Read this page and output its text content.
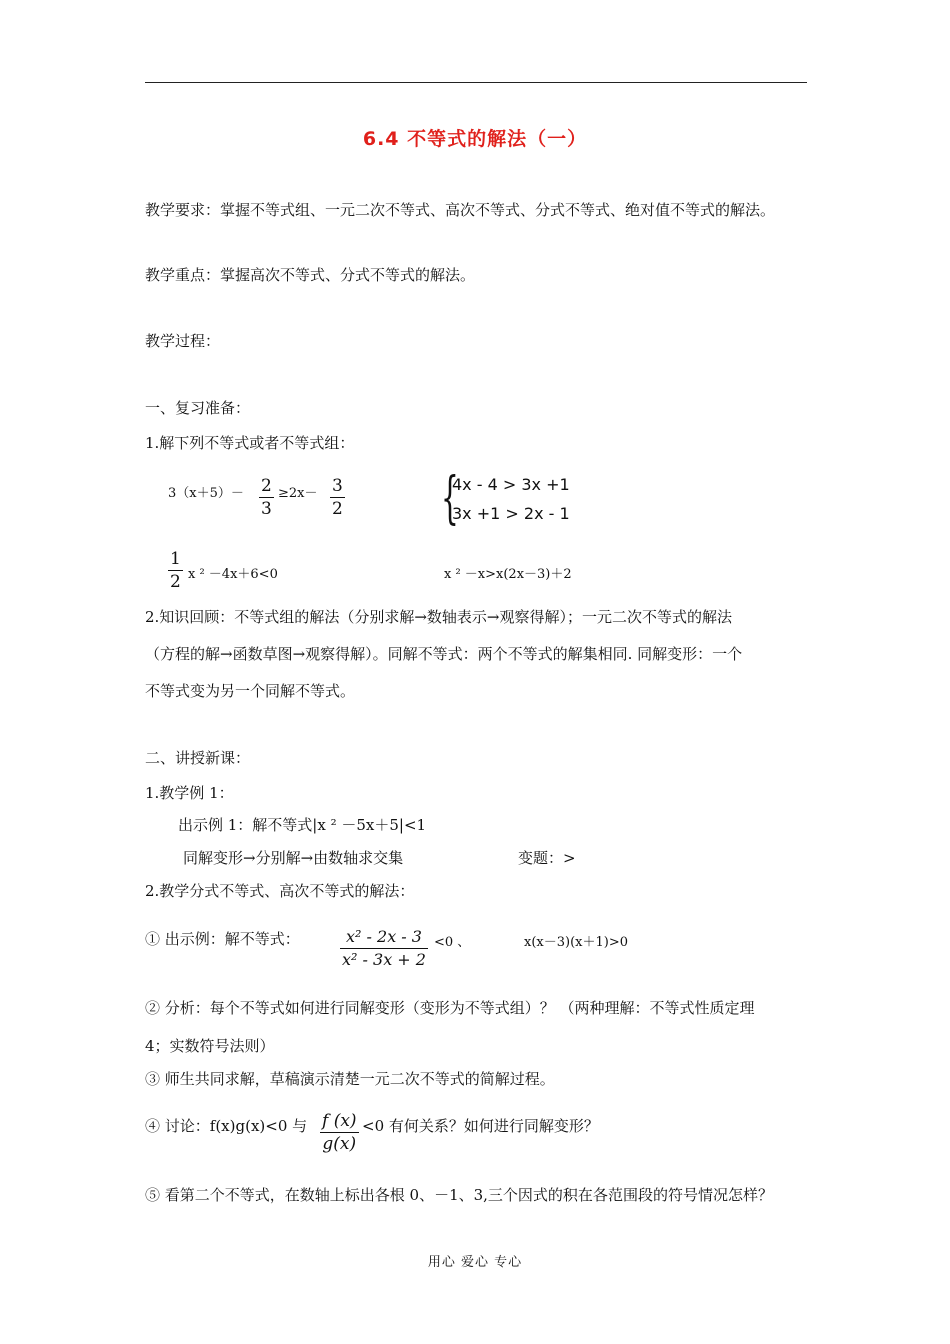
6.4 不等式的解法（一）
教学要求：掌握不等式组、一元二次不等式、高次不等式、分式不等式、绝对值不等式的解法。
教学重点：掌握高次不等式、分式不等式的解法。
教学过程：
一、复习准备：
1.解下列不等式或者不等式组：
3（x＋5）－ 2
3
≥2x－ 3
2 {
4x - 4 > 3x +1
3x +1 > 2x - 1
1
2 x ² －4x＋6<0	x ² －x>x(2x－3)＋2
2.知识回顾：不等式组的解法（分别求解→数轴表示→观察得解）；一元二次不等式的解法
（方程的解→函数草图→观察得解）。同解不等式：两个不等式的解集相同. 同解变形：一个
不等式变为另一个同解不等式。
二、讲授新课：
1.教学例 1：
出示例 1：解不等式|x ² －5x＋5|<1
同解变形→分别解→由数轴求交集	变题：>
2.教学分式不等式、高次不等式的解法：
① 出示例：解不等式：	x² - 2x - 3
x² - 3x + 2
<0 、	x(x－3)(x＋1)>0
② 分析：每个不等式如何进行同解变形（变形为不等式组）？ （两种理解：不等式性质定理
4；实数符号法则）
③ 师生共同求解，草稿演示清楚一元二次不等式的简解过程。
④ 讨论：f(x)g(x)<0 与 f (x)
g(x)
<0 有何关系？如何进行同解变形？
⑤ 看第二个不等式，在数轴上标出各根 0、－1、3,三个因式的积在各范围段的符号情况怎样？
用心 爱心 专心
